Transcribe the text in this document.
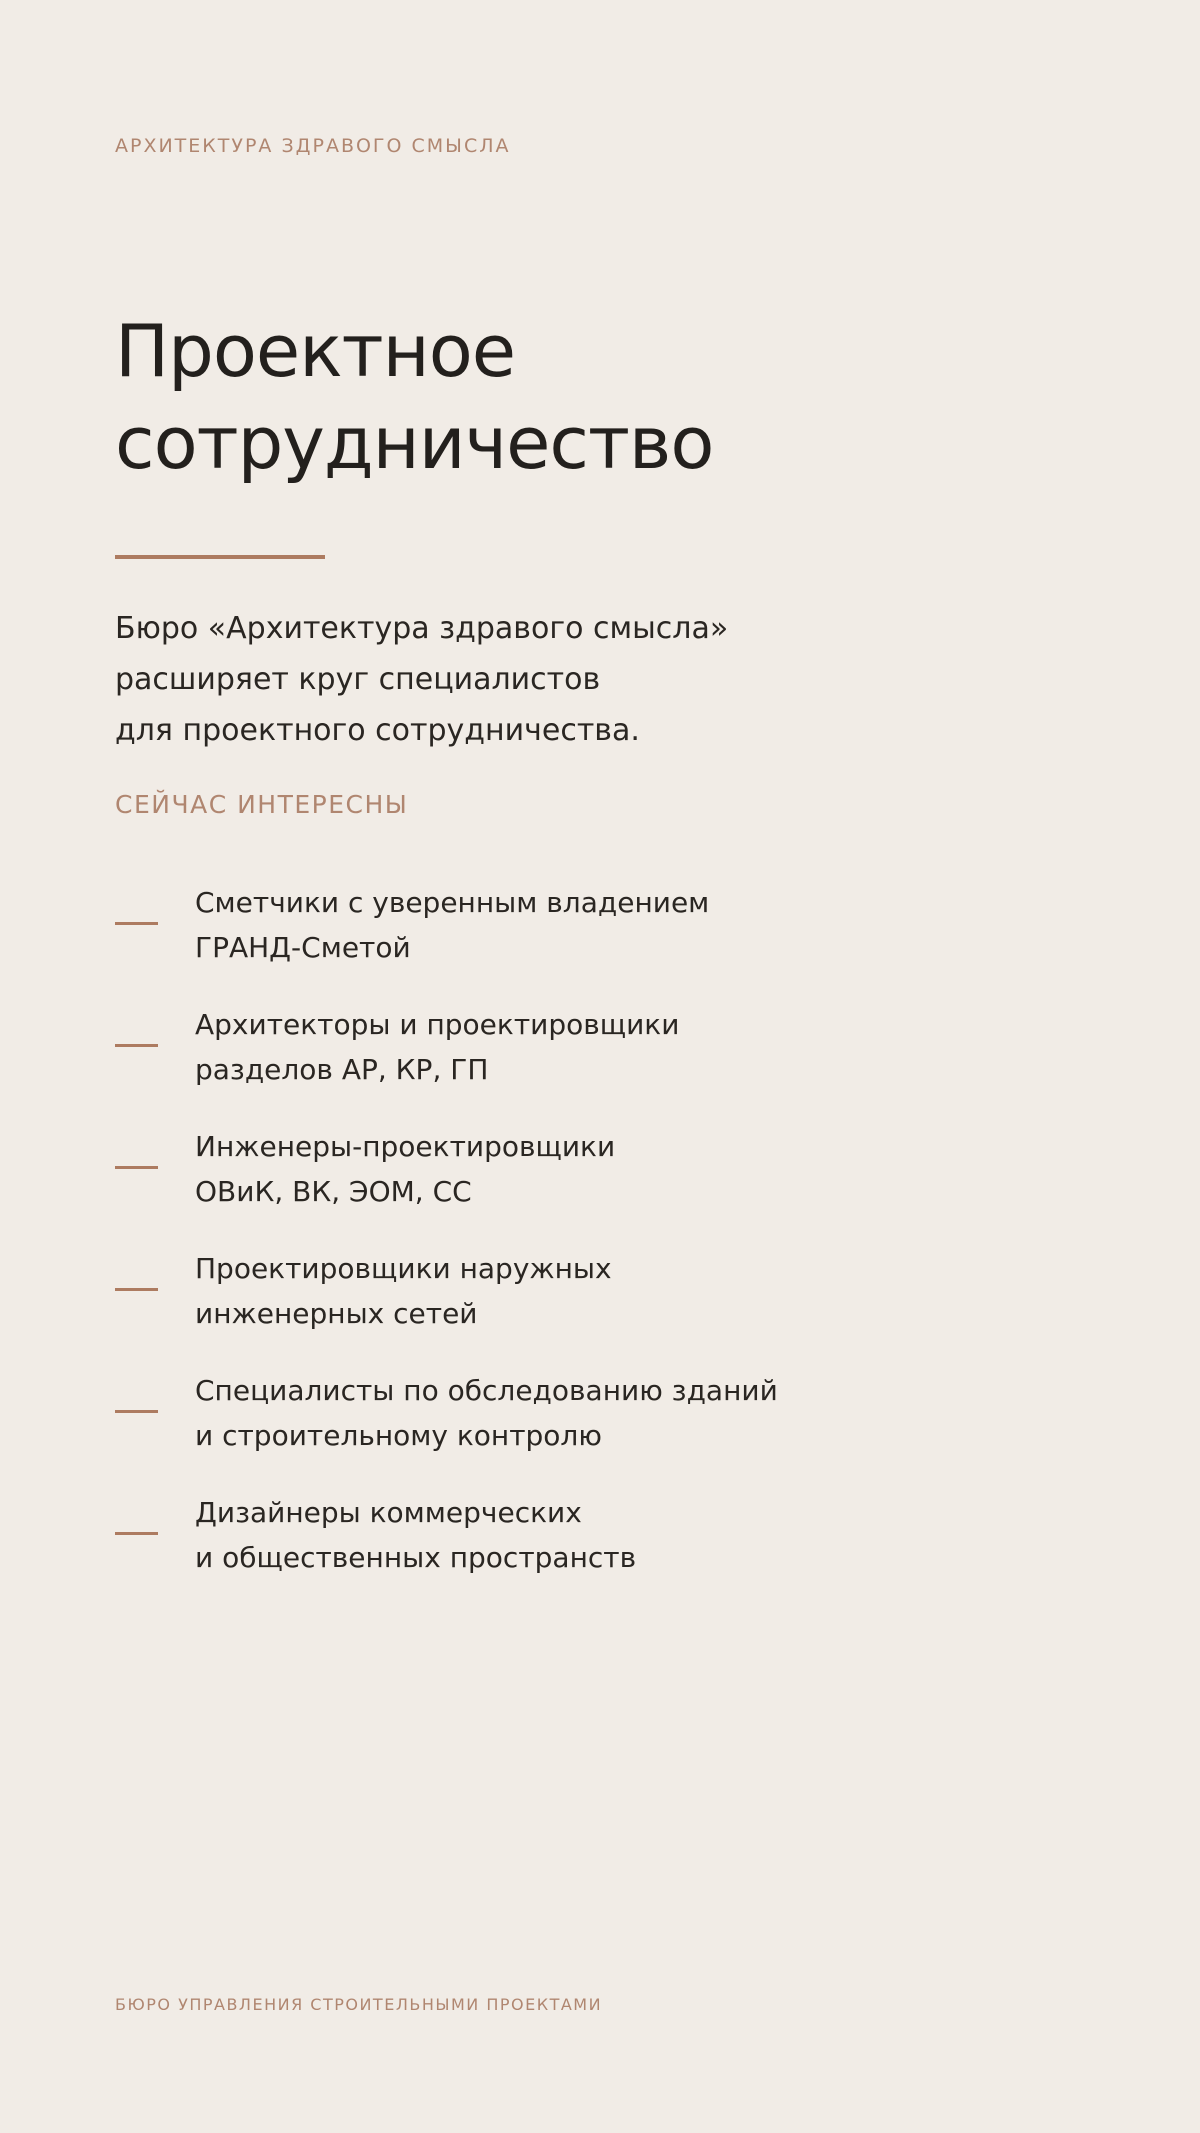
АРХИТЕКТУРА ЗДРАВОГО СМЫСЛА
Проектное
сотрудничество
Бюро «Архитектура здравого смысла»
расширяет круг специалистов
для проектного сотрудничества.
СЕЙЧАС ИНТЕРЕСНЫ
Сметчики с уверенным владением
ГРАНД-Сметой
Архитекторы и проектировщики
разделов АР, КР, ГП
Инженеры-проектировщики
ОВиК, ВК, ЭОМ, СС
Проектировщики наружных
инженерных сетей
Специалисты по обследованию зданий
и строительному контролю
Дизайнеры коммерческих
и общественных пространств
БЮРО УПРАВЛЕНИЯ СТРОИТЕЛЬНЫМИ ПРОЕКТАМИ
